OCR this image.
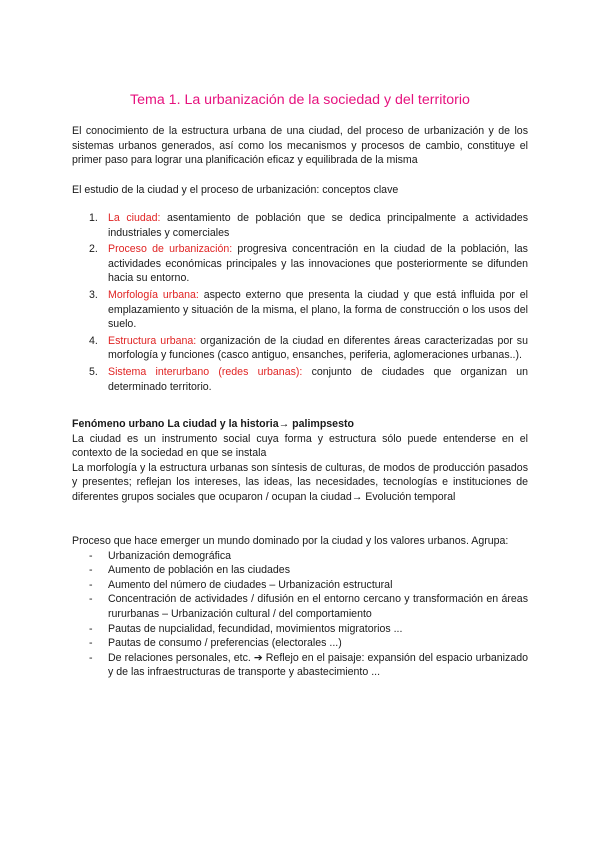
Tema 1. La urbanización de la sociedad y del territorio

El conocimiento de la estructura urbana de una ciudad, del proceso de urbanización y de los sistemas urbanos generados, así como los mecanismos y procesos de cambio, constituye el primer paso para lograr una planificación eficaz y equilibrada de la misma

El estudio de la ciudad y el proceso de urbanización: conceptos clave

1. La ciudad: asentamiento de población que se dedica principalmente a actividades industriales y comerciales
2. Proceso de urbanización: progresiva concentración en la ciudad de la población, las actividades económicas principales y las innovaciones que posteriormente se difunden hacia su entorno.
3. Morfología urbana: aspecto externo que presenta la ciudad y que está influida por el emplazamiento y situación de la misma, el plano, la forma de construcción o los usos del suelo.
4. Estructura urbana: organización de la ciudad en diferentes áreas caracterizadas por su morfología y funciones (casco antiguo, ensanches, periferia, aglomeraciones urbanas..).
5. Sistema interurbano (redes urbanas): conjunto de ciudades que organizan un determinado territorio.

Fenómeno urbano La ciudad y la historia→ palimpsesto

La ciudad es un instrumento social cuya forma y estructura sólo puede entenderse en el contexto de la sociedad en que se instala

La morfología y la estructura urbanas son síntesis de culturas, de modos de producción pasados y presentes; reflejan los intereses, las ideas, las necesidades, tecnologías e instituciones de diferentes grupos sociales que ocuparon / ocupan la ciudad→ Evolución temporal

Proceso que hace emerger un mundo dominado por la ciudad y los valores urbanos. Agrupa:

- Urbanización demográfica
- Aumento de población en las ciudades
- Aumento del número de ciudades – Urbanización estructural
- Concentración de actividades / difusión en el entorno cercano y transformación en áreas rururbanas – Urbanización cultural / del comportamiento
- Pautas de nupcialidad, fecundidad, movimientos migratorios ...
- Pautas de consumo / preferencias (electorales ...)
- De relaciones personales, etc. ➔ Reflejo en el paisaje: expansión del espacio urbanizado y de las infraestructuras de transporte y abastecimiento ...
